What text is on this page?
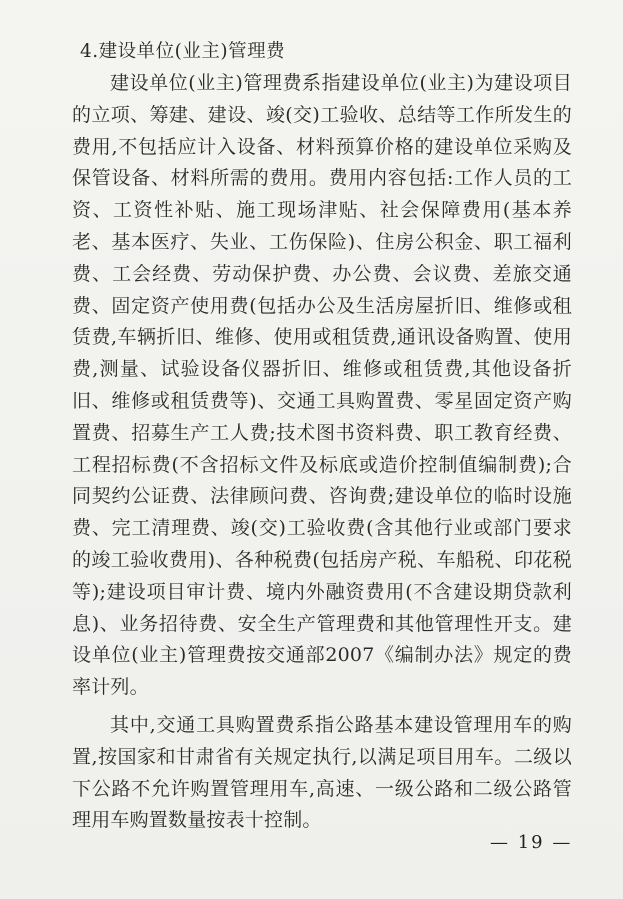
4.建设单位(业主)管理费

建设单位(业主)管理费系指建设单位(业主)为建设项目的立项、筹建、建设、竣(交)工验收、总结等工作所发生的费用,不包括应计入设备、材料预算价格的建设单位采购及保管设备、材料所需的费用。费用内容包括:工作人员的工资、工资性补贴、施工现场津贴、社会保障费用(基本养老、基本医疗、失业、工伤保险)、住房公积金、职工福利费、工会经费、劳动保护费、办公费、会议费、差旅交通费、固定资产使用费(包括办公及生活房屋折旧、维修或租赁费,车辆折旧、维修、使用或租赁费,通讯设备购置、使用费,测量、试验设备仪器折旧、维修或租赁费,其他设备折旧、维修或租赁费等)、交通工具购置费、零星固定资产购置费、招募生产工人费;技术图书资料费、职工教育经费、工程招标费(不含招标文件及标底或造价控制值编制费);合同契约公证费、法律顾问费、咨询费;建设单位的临时设施费、完工清理费、竣(交)工验收费(含其他行业或部门要求的竣工验收费用)、各种税费(包括房产税、车船税、印花税等);建设项目审计费、境内外融资费用(不含建设期贷款利息)、业务招待费、安全生产管理费和其他管理性开支。建设单位(业主)管理费按交通部2007《编制办法》规定的费率计列。

其中,交通工具购置费系指公路基本建设管理用车的购置,按国家和甘肃省有关规定执行,以满足项目用车。二级以下公路不允许购置管理用车,高速、一级公路和二级公路管理用车购置数量按表十控制。

— 19 —
